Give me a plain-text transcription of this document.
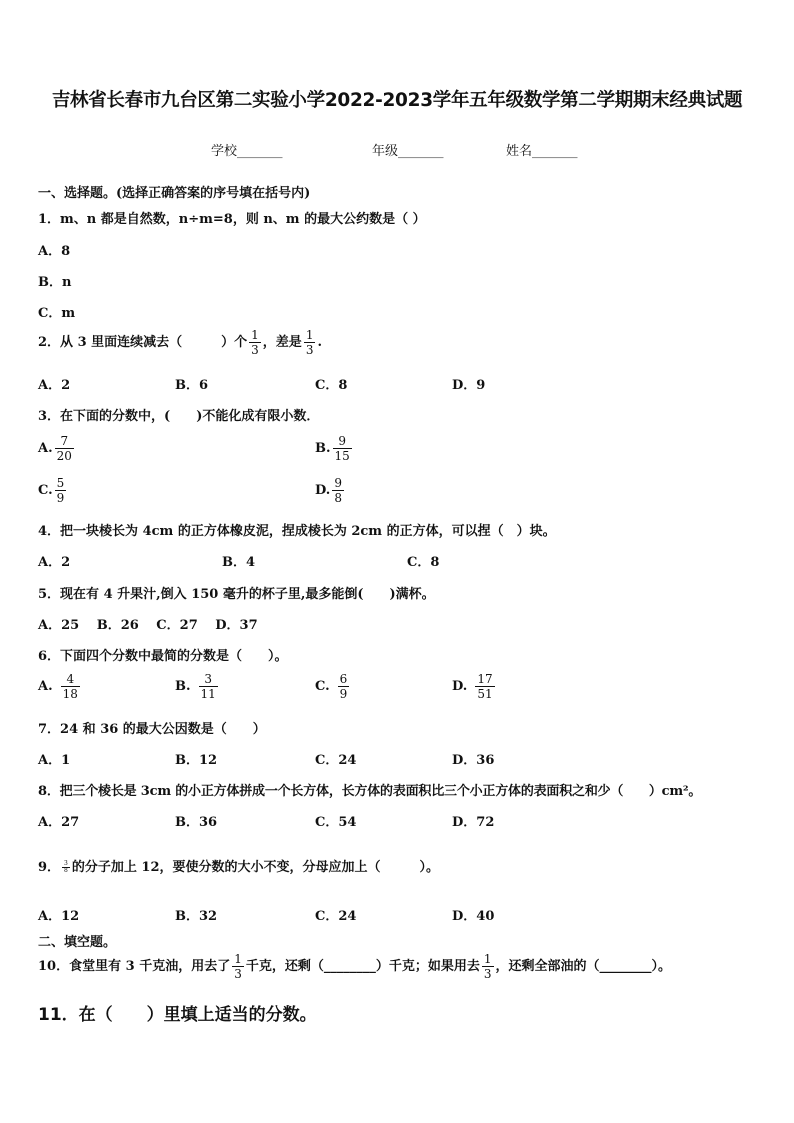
吉林省长春市九台区第二实验小学2022-2023学年五年级数学第二学期期末经典试题
学校_______	年级_______	姓名_______
一、选择题。(选择正确答案的序号填在括号内)
1．m、n 都是自然数，n÷m=8，则 n、m 的最大公约数是（ ）
A．8
B．n
C．m
2．从 3 里面连续减去（　　　）个 $\frac{1}{3}$ ，差是 $\frac{1}{3}$ .
A．2	B．6	C．8	D．9
3．在下面的分数中，(　　)不能化成有限小数．
A. $\frac{7}{20}$	B. $\frac{9}{15}$
C. $\frac{5}{9}$	D. $\frac{9}{8}$
4．把一块棱长为 4cm 的正方体橡皮泥，捏成棱长为 2cm 的正方体，可以捏（　）块。
A．2	B．4	C．8
5．现在有 4 升果汁,倒入 150 毫升的杯子里,最多能倒(　　)满杯。
A．25　 B．26　 C．27　 D．37
6．下面四个分数中最简的分数是（　　）。
A. $\frac{4}{18}$	B. $\frac{3}{11}$	C. $\frac{6}{9}$	D. $\frac{17}{51}$
7．24 和 36 的最大公因数是（　　）
A．1	B．12	C．24	D．36
8．把三个棱长是 3cm 的小正方体拼成一个长方体，长方体的表面积比三个小正方体的表面积之和少（　　）cm²。
A．27	B．36	C．54	D．72
9． $\frac{3}{8}$ 的分子加上 12，要使分数的大小不变，分母应加上（　　　）。
A．12	B．32	C．24	D．40
二、填空题。
10．食堂里有 3 千克油，用去了 $\frac{1}{3}$ 千克，还剩（________）千克；如果用去 $\frac{1}{3}$ ，还剩全部油的（________）。
11．在（　　）里填上适当的分数。
